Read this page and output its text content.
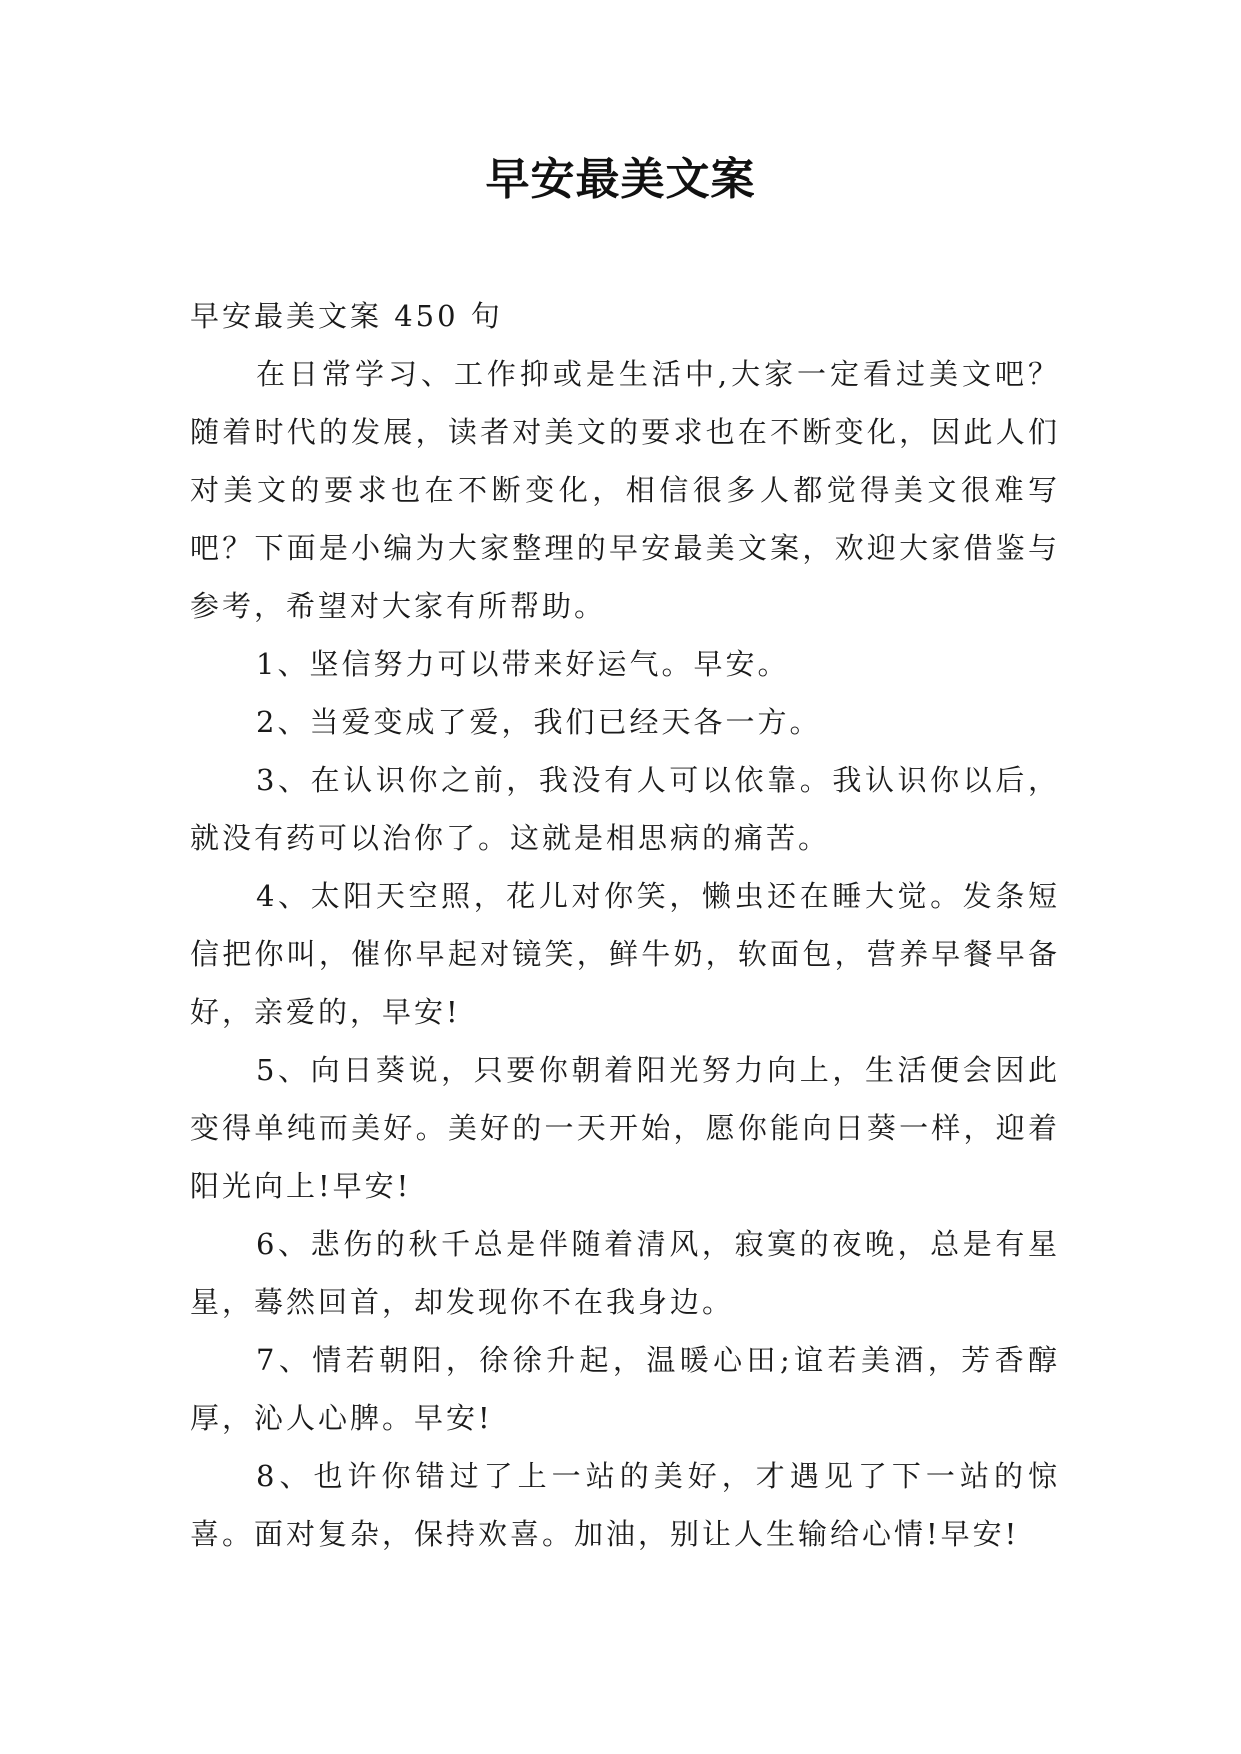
早安最美文案

早安最美文案 450 句

在日常学习、工作抑或是生活中,大家一定看过美文吧？随着时代的发展，读者对美文的要求也在不断变化，因此人们对美文的要求也在不断变化，相信很多人都觉得美文很难写吧？下面是小编为大家整理的早安最美文案，欢迎大家借鉴与参考，希望对大家有所帮助。

1、坚信努力可以带来好运气。早安。

2、当爱变成了爱，我们已经天各一方。

3、在认识你之前，我没有人可以依靠。我认识你以后，就没有药可以治你了。这就是相思病的痛苦。

4、太阳天空照，花儿对你笑，懒虫还在睡大觉。发条短信把你叫，催你早起对镜笑，鲜牛奶，软面包，营养早餐早备好，亲爱的，早安!

5、向日葵说，只要你朝着阳光努力向上，生活便会因此变得单纯而美好。美好的一天开始，愿你能向日葵一样，迎着阳光向上!早安!

6、悲伤的秋千总是伴随着清风，寂寞的夜晚，总是有星星，蓦然回首，却发现你不在我身边。

7、情若朝阳，徐徐升起，温暖心田;谊若美酒，芳香醇厚，沁人心脾。早安!

8、也许你错过了上一站的美好，才遇见了下一站的惊喜。面对复杂，保持欢喜。加油，别让人生输给心情!早安!
